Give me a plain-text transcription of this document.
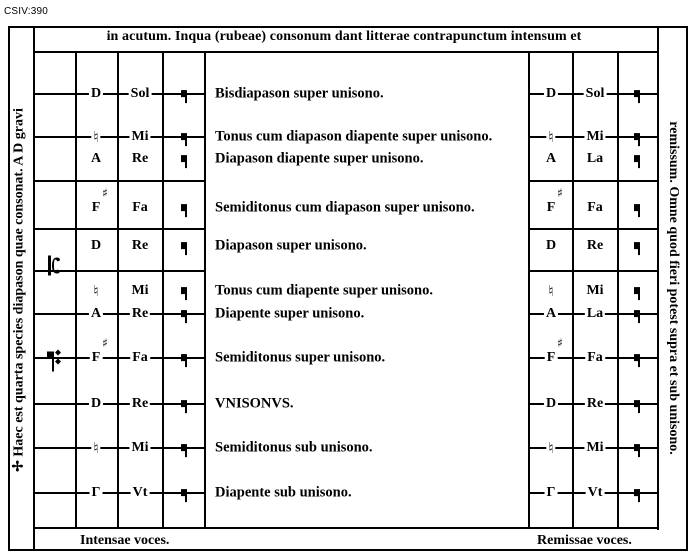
CSIV:390
in acutum. Inqua (rubeae) consonum dant litterae contrapunctum intensum et
✢ Haec est quarta species diapason quae consonat. A D gravi	remissum. Omne quod fieri potest supra et sub unisono.
Intensae voces.	Remissae voces.
D Sol	Bisdiapason super unisono.	D Sol
♮ Mi	Tonus cum diapason diapente super unisono.	♮ Mi
A Re	Diapason diapente super unisono.	A La
F Fa	Semiditonus cum diapason super unisono.	F Fa
♯	♯
D Re	Diapason super unisono.	D Re
♮ Mi	Tonus cum diapente super unisono.	♮ Mi
A Re	Diapente super unisono.	A La
F Fa	Semiditonus super unisono.	F Fa
♯	♯
D Re	VNISONVS.	D Re
♮ Mi	Semiditonus sub unisono.	♮ Mi
Γ Vt	Diapente sub unisono.	Γ Vt
